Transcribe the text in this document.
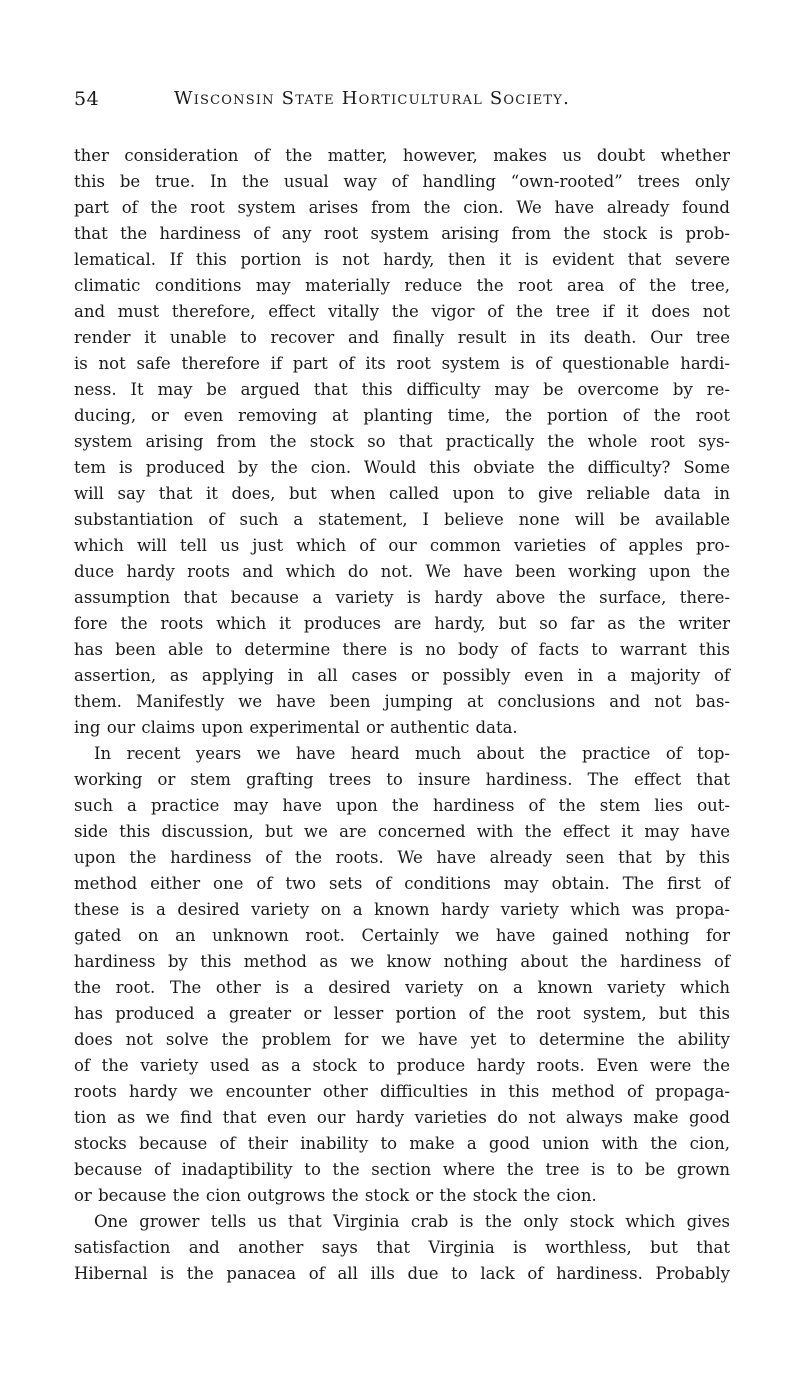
54	Wisconsin State Horticultural Society.
ther consideration of the matter, however, makes us doubt whether
this be true. In the usual way of handling “own-rooted” trees only
part of the root system arises from the cion. We have already found
that the hardiness of any root system arising from the stock is prob-
lematical. If this portion is not hardy, then it is evident that severe
climatic conditions may materially reduce the root area of the tree,
and must therefore, effect vitally the vigor of the tree if it does not
render it unable to recover and finally result in its death. Our tree
is not safe therefore if part of its root system is of questionable hardi-
ness. It may be argued that this difficulty may be overcome by re-
ducing, or even removing at planting time, the portion of the root
system arising from the stock so that practically the whole root sys-
tem is produced by the cion. Would this obviate the difficulty? Some
will say that it does, but when called upon to give reliable data in
substantiation of such a statement, I believe none will be available
which will tell us just which of our common varieties of apples pro-
duce hardy roots and which do not. We have been working upon the
assumption that because a variety is hardy above the surface, there-
fore the roots which it produces are hardy, but so far as the writer
has been able to determine there is no body of facts to warrant this
assertion, as applying in all cases or possibly even in a majority of
them. Manifestly we have been jumping at conclusions and not bas-
ing our claims upon experimental or authentic data.
In recent years we have heard much about the practice of top-
working or stem grafting trees to insure hardiness. The effect that
such a practice may have upon the hardiness of the stem lies out-
side this discussion, but we are concerned with the effect it may have
upon the hardiness of the roots. We have already seen that by this
method either one of two sets of conditions may obtain. The first of
these is a desired variety on a known hardy variety which was propa-
gated on an unknown root. Certainly we have gained nothing for
hardiness by this method as we know nothing about the hardiness of
the root. The other is a desired variety on a known variety which
has produced a greater or lesser portion of the root system, but this
does not solve the problem for we have yet to determine the ability
of the variety used as a stock to produce hardy roots. Even were the
roots hardy we encounter other difficulties in this method of propaga-
tion as we find that even our hardy varieties do not always make good
stocks because of their inability to make a good union with the cion,
because of inadaptibility to the section where the tree is to be grown
or because the cion outgrows the stock or the stock the cion.
One grower tells us that Virginia crab is the only stock which gives
satisfaction and another says that Virginia is worthless, but that
Hibernal is the panacea of all ills due to lack of hardiness. Probably
